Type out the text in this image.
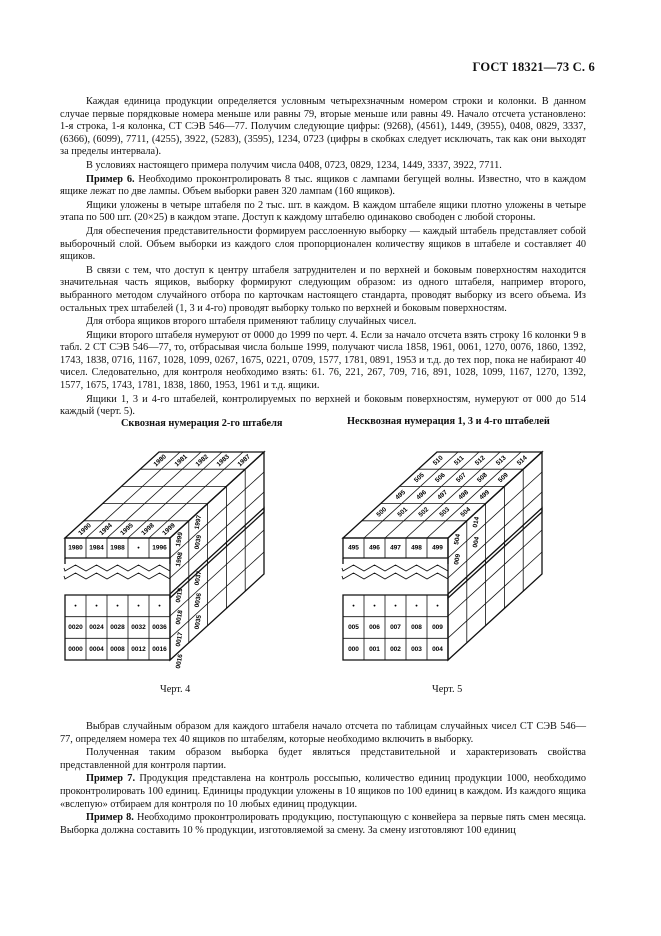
ГОСТ 18321—73 С. 6

Каждая единица продукции определяется условным четырехзначным номером строки и колонки. В данном случае первые порядковые номера меньше или равны 79, вторые меньше или равны 49. Начало отсчета установлено: 1-я строка, 1-я колонка, СТ СЭВ 546—77. Получим следующие цифры: (9268), (4561), 1449, (3955), 0408, 0829, 3337, (6366), (6099), 7711, (4255), 3922, (5283), (3595), 1234, 0723 (цифры в скобках следует исключать, так как они выходят за пределы интервала).

В условиях настоящего примера получим числа 0408, 0723, 0829, 1234, 1449, 3337, 3922, 7711.

Пример 6. Необходимо проконтролировать 8 тыс. ящиков с лампами бегущей волны. Известно, что в каждом ящике лежат по две лампы. Объем выборки равен 320 лампам (160 ящиков).

Ящики уложены в четыре штабеля по 2 тыс. шт. в каждом. В каждом штабеле ящики плотно уложены в четыре этапа по 500 шт. (20×25) в каждом этапе. Доступ к каждому штабелю одинаково свободен с любой стороны.

Для обеспечения представительности формируем расслоенную выборку — каждый штабель представляет собой выборочный слой. Объем выборки из каждого слоя пропорционален количеству ящиков в штабеле и составляет 40 ящиков.

В связи с тем, что доступ к центру штабеля затруднителен и по верхней и боковым поверхностям находится значительная часть ящиков, выборку формируют следующим образом: из одного штабеля, например второго, выбранного методом случайного отбора по карточкам настоящего стандарта, проводят выборку из всего объема. Из остальных трех штабелей (1, 3 и 4-го) проводят выборку только по верхней и боковым поверхностям.

Для отбора ящиков второго штабеля применяют таблицу случайных чисел.

Ящики второго штабеля нумеруют от 0000 до 1999 по черт. 4. Если за начало отсчета взять строку 16 колонки 9 в табл. 2 СТ СЭВ 546—77, то, отбрасывая числа больше 1999, получают числа 1858, 1961, 0061, 1270, 0076, 1860, 1392, 1743, 1838, 0716, 1167, 1028, 1099, 0267, 1675, 0221, 0709, 1577, 1781, 0891, 1953 и т.д. до тех пор, пока не набирают 40 чисел. Следовательно, для контроля необходимо взять: 61. 76, 221, 267, 709, 716, 891, 1028, 1099, 1167, 1270, 1392, 1577, 1675, 1743, 1781, 1838, 1860, 1953, 1961 и т.д. ящики.

Ящики 1, 3 и 4-го штабелей, контролируемых по верхней и боковым поверхностям, нумеруют от 000 до 514 каждый (черт. 5).

Сквозная нумерация 2-го штабеля	Несквозная нумерация 1, 3 и 4-го штабелей
1980 1984 1988 • 1996
•	•	•	•	•
0020 0024 0028 0032 0036
0000 0004 0008 0012 0016
1980 1981 1982 1983 1987
1990 1994 1995 1998 1999
1999
1997
1998
0039
0019
0037
0018
0036
0017
0035
0016
495 496 497 498 499
•	•	•	•	•
005 006 007 008 009
000 001 002 003 004
510 511 512 513 514
505 506 507 508 509
495 496 497 498 499
500 501 502 503 504
504
014
009
004
Черт. 4	Черт. 5

Выбрав случайным образом для каждого штабеля начало отсчета по таблицам случайных чисел СТ СЭВ 546—77, определяем номера тех 40 ящиков по штабелям, которые необходимо включить в выборку.

Полученная таким образом выборка будет являться представительной и характеризовать свойства представленной для контроля партии.

Пример 7. Продукция представлена на контроль россыпью, количество единиц продукции 1000, необходимо проконтролировать 100 единиц. Единицы продукции уложены в 10 ящиков по 100 единиц в каждом. Из каждого ящика «вслепую» отбираем для контроля по 10 любых единиц продукции.

Пример 8. Необходимо проконтролировать продукцию, поступающую с конвейера за первые пять смен месяца. Выборка должна составить 10 % продукции, изготовляемой за смену. За смену изготовляют 100 единиц
